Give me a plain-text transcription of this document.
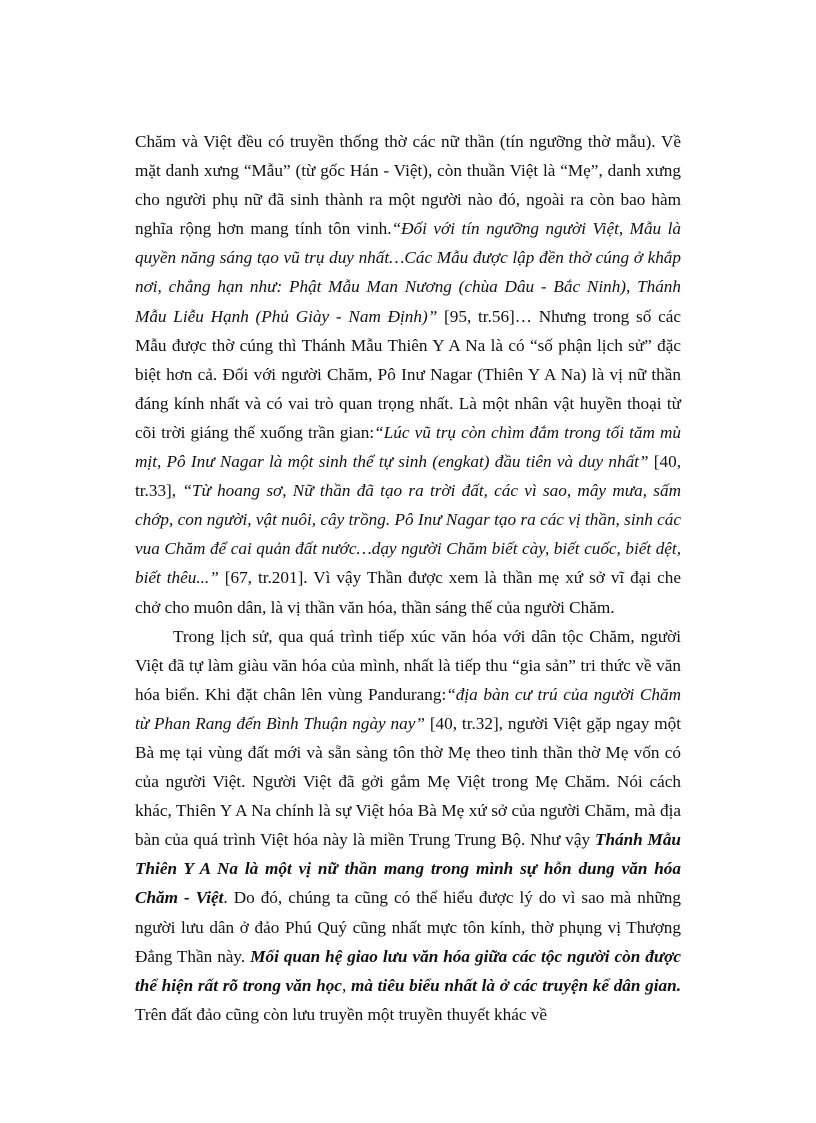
Chăm và Việt đều có truyền thống thờ các nữ thần (tín ngưỡng thờ mẫu). Về mặt danh xưng “Mẫu” (từ gốc Hán - Việt), còn thuần Việt là “Mẹ”, danh xưng cho người phụ nữ đã sinh thành ra một người nào đó, ngoài ra còn bao hàm nghĩa rộng hơn mang tính tôn vinh.“Đối với tín ngưỡng người Việt, Mẫu là quyền năng sáng tạo vũ trụ duy nhất…Các Mẫu được lập đền thờ cúng ở khắp nơi, chẳng hạn như: Phật Mẫu Man Nương (chùa Dâu - Bắc Ninh), Thánh Mẫu Liễu Hạnh (Phủ Giày - Nam Định)” [95, tr.56]… Nhưng trong số các Mẫu được thờ cúng thì Thánh Mẫu Thiên Y A Na là có “số phận lịch sử” đặc biệt hơn cả. Đối với người Chăm, Pô Inư Nagar (Thiên Y A Na) là vị nữ thần đáng kính nhất và có vai trò quan trọng nhất. Là một nhân vật huyền thoại từ cõi trời giáng thế xuống trần gian:“Lúc vũ trụ còn chìm đắm trong tối tăm mù mịt, Pô Inư Nagar là một sinh thể tự sinh (engkat) đầu tiên và duy nhất” [40, tr.33], “Từ hoang sơ, Nữ thần đã tạo ra trời đất, các vì sao, mây mưa, sấm chớp, con người, vật nuôi, cây trồng. Pô Inư Nagar tạo ra các vị thần, sinh các vua Chăm để cai quản đất nước…dạy người Chăm biết cày, biết cuốc, biết dệt, biết thêu...” [67, tr.201]. Vì vậy Thần được xem là thần mẹ xứ sở vĩ đại che chở cho muôn dân, là vị thần văn hóa, thần sáng thế của người Chăm.

Trong lịch sử, qua quá trình tiếp xúc văn hóa với dân tộc Chăm, người Việt đã tự làm giàu văn hóa của mình, nhất là tiếp thu “gia sản” tri thức về văn hóa biển. Khi đặt chân lên vùng Pandurang:“địa bàn cư trú của người Chăm từ Phan Rang đến Bình Thuận ngày nay” [40, tr.32], người Việt gặp ngay một Bà mẹ tại vùng đất mới và sẵn sàng tôn thờ Mẹ theo tinh thần thờ Mẹ vốn có của người Việt. Người Việt đã gởi gắm Mẹ Việt trong Mẹ Chăm. Nói cách khác, Thiên Y A Na chính là sự Việt hóa Bà Mẹ xứ sở của người Chăm, mà địa bàn của quá trình Việt hóa này là miền Trung Trung Bộ. Như vậy Thánh Mẫu Thiên Y A Na là một vị nữ thần mang trong mình sự hỗn dung văn hóa Chăm - Việt. Do đó, chúng ta cũng có thể hiểu được lý do vì sao mà những người lưu dân ở đảo Phú Quý cũng nhất mực tôn kính, thờ phụng vị Thượng Đẳng Thần này. Mối quan hệ giao lưu văn hóa giữa các tộc người còn được thể hiện rất rõ trong văn học, mà tiêu biểu nhất là ở các truyện kể dân gian. Trên đất đảo cũng còn lưu truyền một truyền thuyết khác về
